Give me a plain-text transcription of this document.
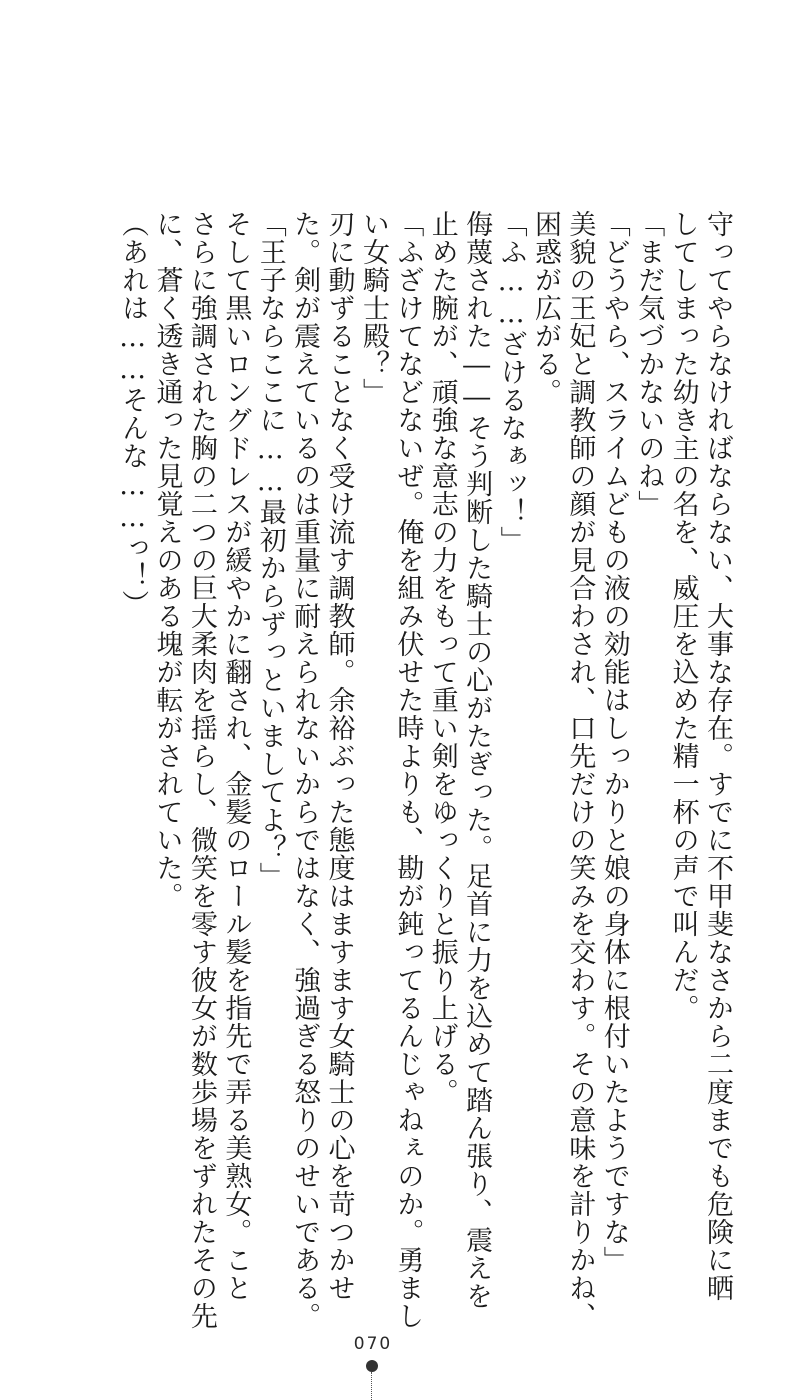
守ってやらなければならない、大事な存在。すでに不甲斐なさから二度までも危険に晒
してしまった幼き主の名を、威圧を込めた精一杯の声で叫んだ。
「まだ気づかないのね」
「どうやら、スライムどもの液の効能はしっかりと娘の身体に根付いたようですな」
美貌の王妃と調教師の顔が見合わされ、口先だけの笑みを交わす。その意味を計りかね、
困惑が広がる。
「ふ……ざけるなぁッ！」
侮蔑された――そう判断した騎士の心がたぎった。足首に力を込めて踏ん張り、震えを
止めた腕が、頑強な意志の力をもって重い剣をゆっくりと振り上げる。
「ふざけてなどないぜ。俺を組み伏せた時よりも、勘が鈍ってるんじゃねぇのか。勇まし
い女騎士殿？」
刃に動ずることなく受け流す調教師。余裕ぶった態度はますます女騎士の心を苛つかせ
た。剣が震えているのは重量に耐えられないからではなく、強過ぎる怒りのせいである。
「王子ならここに……最初からずっといましてよ？」
そして黒いロングドレスが緩やかに翻され、金髪のロール髪を指先で弄る美熟女。こと
さらに強調された胸の二つの巨大柔肉を揺らし、微笑を零す彼女が数歩場をずれたその先
に、蒼く透き通った見覚えのある塊が転がされていた。
（あれは……そんな……っ！）
070
